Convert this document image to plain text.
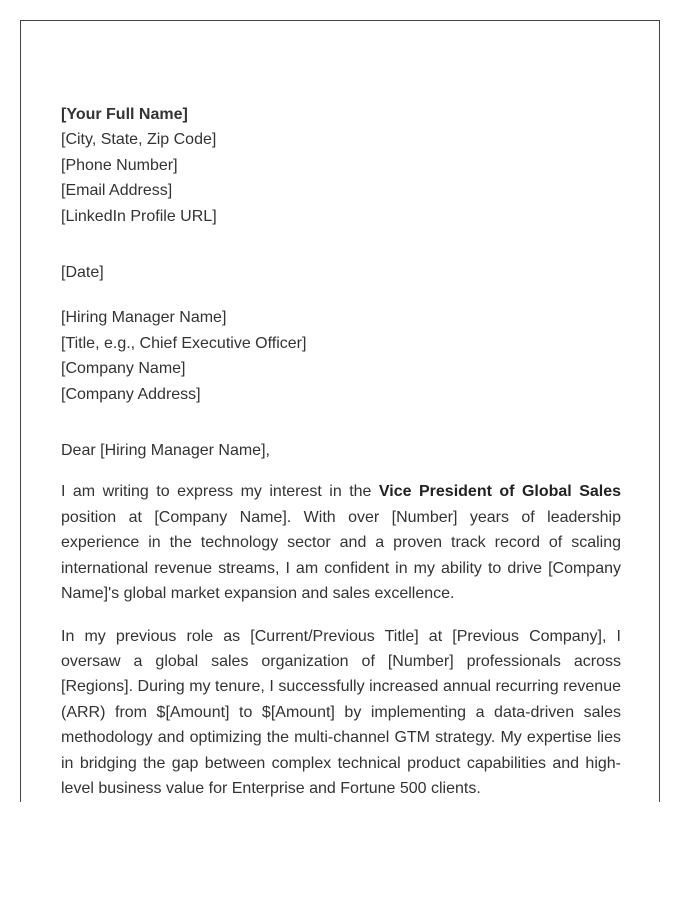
[Your Full Name]
[City, State, Zip Code]
[Phone Number]
[Email Address]
[LinkedIn Profile URL]
[Date]
[Hiring Manager Name]
[Title, e.g., Chief Executive Officer]
[Company Name]
[Company Address]
Dear [Hiring Manager Name],

I am writing to express my interest in the Vice President of Global Sales position at [Company Name]. With over [Number] years of leadership experience in the technology sector and a proven track record of scaling international revenue streams, I am confident in my ability to drive [Company Name]'s global market expansion and sales excellence.

In my previous role as [Current/Previous Title] at [Previous Company], I oversaw a global sales organization of [Number] professionals across [Regions]. During my tenure, I successfully increased annual recurring revenue (ARR) from $[Amount] to $[Amount] by implementing a data-driven sales methodology and optimizing the multi-channel GTM strategy. My expertise lies in bridging the gap between complex technical product capabilities and high-level business value for Enterprise and Fortune 500 clients.
